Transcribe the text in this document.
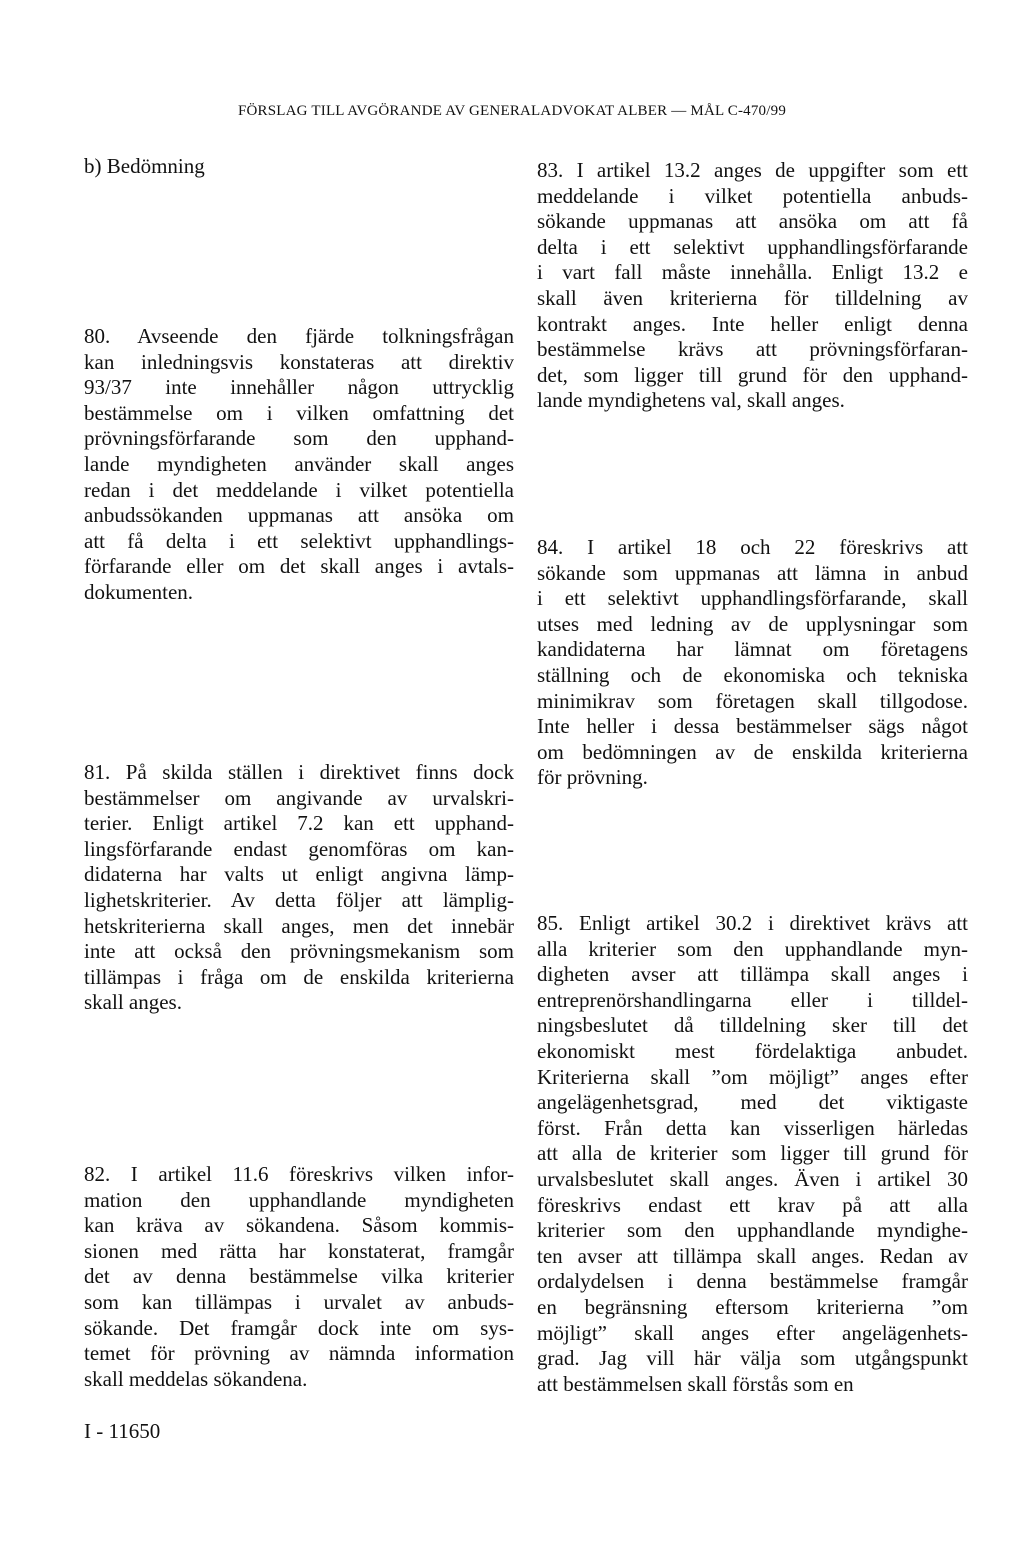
FÖRSLAG TILL AVGÖRANDE AV GENERALADVOKAT ALBER — MÅL C-470/99
b) Bedömning

80. Avseende den fjärde tolkningsfrågan
kan inledningsvis konstateras att direktiv
93/37 inte innehåller någon uttrycklig
bestämmelse om i vilken omfattning det
prövningsförfarande som den upphand-
lande myndigheten använder skall anges
redan i det meddelande i vilket potentiella
anbudssökanden uppmanas att ansöka om
att få delta i ett selektivt upphandlings-
förfarande eller om det skall anges i avtals-
dokumenten.

81. På skilda ställen i direktivet finns dock
bestämmelser om angivande av urvalskri-
terier. Enligt artikel 7.2 kan ett upphand-
lingsförfarande endast genomföras om kan-
didaterna har valts ut enligt angivna lämp-
lighetskriterier. Av detta följer att lämplig-
hetskriterierna skall anges, men det innebär
inte att också den prövningsmekanism som
tillämpas i fråga om de enskilda kriterierna
skall anges.

82. I artikel 11.6 föreskrivs vilken infor-
mation den upphandlande myndigheten
kan kräva av sökandena. Såsom kommis-
sionen med rätta har konstaterat, framgår
det av denna bestämmelse vilka kriterier
som kan tillämpas i urvalet av anbuds-
sökande. Det framgår dock inte om sys-
temet för prövning av nämnda information
skall meddelas sökandena.

83. I artikel 13.2 anges de uppgifter som ett
meddelande i vilket potentiella anbuds-
sökande uppmanas att ansöka om att få
delta i ett selektivt upphandlingsförfarande
i vart fall måste innehålla. Enligt 13.2 e
skall även kriterierna för tilldelning av
kontrakt anges. Inte heller enligt denna
bestämmelse krävs att prövningsförfaran-
det, som ligger till grund för den upphand-
lande myndighetens val, skall anges.

84. I artikel 18 och 22 föreskrivs att
sökande som uppmanas att lämna in anbud
i ett selektivt upphandlingsförfarande, skall
utses med ledning av de upplysningar som
kandidaterna har lämnat om företagens
ställning och de ekonomiska och tekniska
minimikrav som företagen skall tillgodose.
Inte heller i dessa bestämmelser sägs något
om bedömningen av de enskilda kriterierna
för prövning.

85. Enligt artikel 30.2 i direktivet krävs att
alla kriterier som den upphandlande myn-
digheten avser att tillämpa skall anges i
entreprenörshandlingarna eller i tilldel-
ningsbeslutet då tilldelning sker till det
ekonomiskt mest fördelaktiga anbudet.
Kriterierna skall ”om möjligt” anges efter
angelägenhetsgrad, med det viktigaste
först. Från detta kan visserligen härledas
att alla de kriterier som ligger till grund för
urvalsbeslutet skall anges. Även i artikel 30
föreskrivs endast ett krav på att alla
kriterier som den upphandlande myndighe-
ten avser att tillämpa skall anges. Redan av
ordalydelsen i denna bestämmelse framgår
en begränsning eftersom kriterierna ”om
möjligt” skall anges efter angelägenhets-
grad. Jag vill här välja som utgångspunkt
att bestämmelsen skall förstås som en

I - 11650
